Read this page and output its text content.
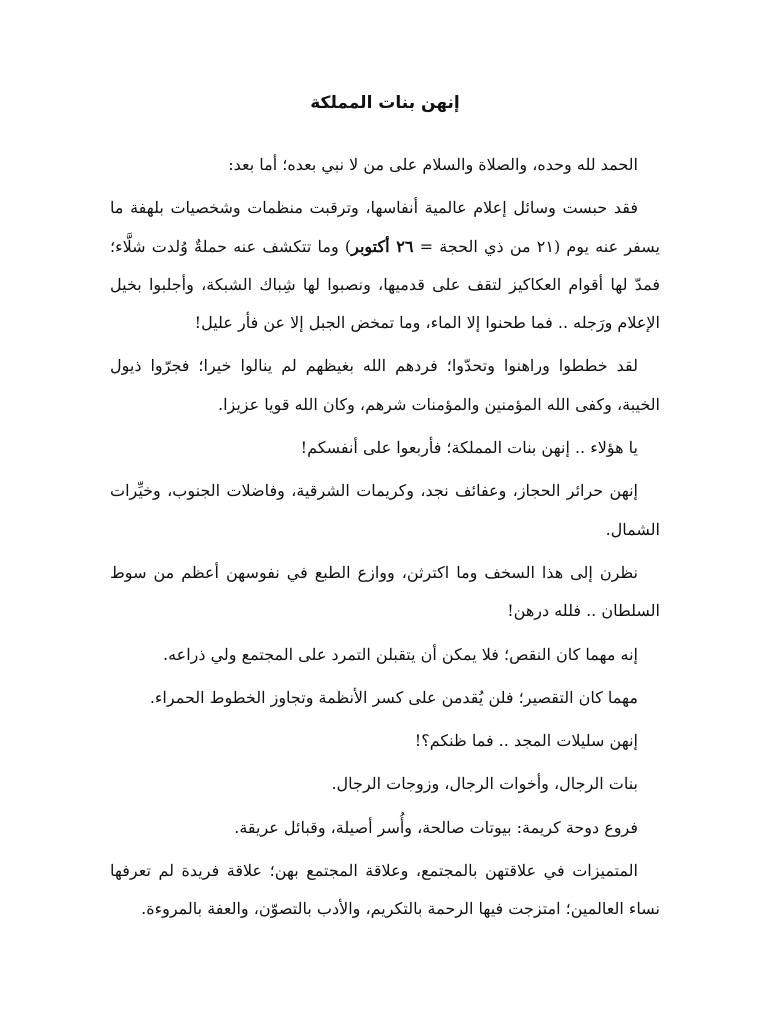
إنهن بنات المملكة

الحمد لله وحده، والصلاة والسلام على من لا نبي بعده؛ أما بعد:

فقد حبست وسائل إعلام عالمية أنفاسها، وترقبت منظمات وشخصيات بلهفة ما يسفر عنه يوم (٢١ من ذي الحجة = ٢٦ أكتوبر) وما تتكشف عنه حملةٌ وُلدت شلَّاء؛ فمدّ لها أقوام العكاكيز لتقف على قدميها، ونصبوا لها شِباك الشبكة، وأجلبوا بخيل الإعلام ورَجله .. فما طحنوا إلا الماء، وما تمخض الجبل إلا عن فأر عليل!

لقد خططوا وراهنوا وتحدّوا؛ فردهم الله بغيظهم لم ينالوا خيرا؛ فجرّوا ذيول الخيبة، وكفى الله المؤمنين والمؤمنات شرهم، وكان الله قويا عزيزا.

يا هؤلاء .. إنهن بنات المملكة؛ فأربعوا على أنفسكم!

إنهن حرائر الحجاز، وعفائف نجد، وكريمات الشرقية، وفاضلات الجنوب، وخيِّرات الشمال.

نظرن إلى هذا السخف وما اكترثن، ووازع الطبع في نفوسهن أعظم من سوط السلطان .. فلله درهن!

إنه مهما كان النقص؛ فلا يمكن أن يتقبلن التمرد على المجتمع ولي ذراعه.

مهما كان التقصير؛ فلن يُقدمن على كسر الأنظمة وتجاوز الخطوط الحمراء.

إنهن سليلات المجد .. فما ظنكم؟!

بنات الرجال، وأخوات الرجال، وزوجات الرجال.

فروع دوحة كريمة: بيوتات صالحة، وأُسر أصيلة، وقبائل عريقة.

المتميزات في علاقتهن بالمجتمع، وعلاقة المجتمع بهن؛ علاقة فريدة لم تعرفها نساء العالمين؛ امتزجت فيها الرحمة بالتكريم، والأدب بالتصوّن، والعفة بالمروءة.
